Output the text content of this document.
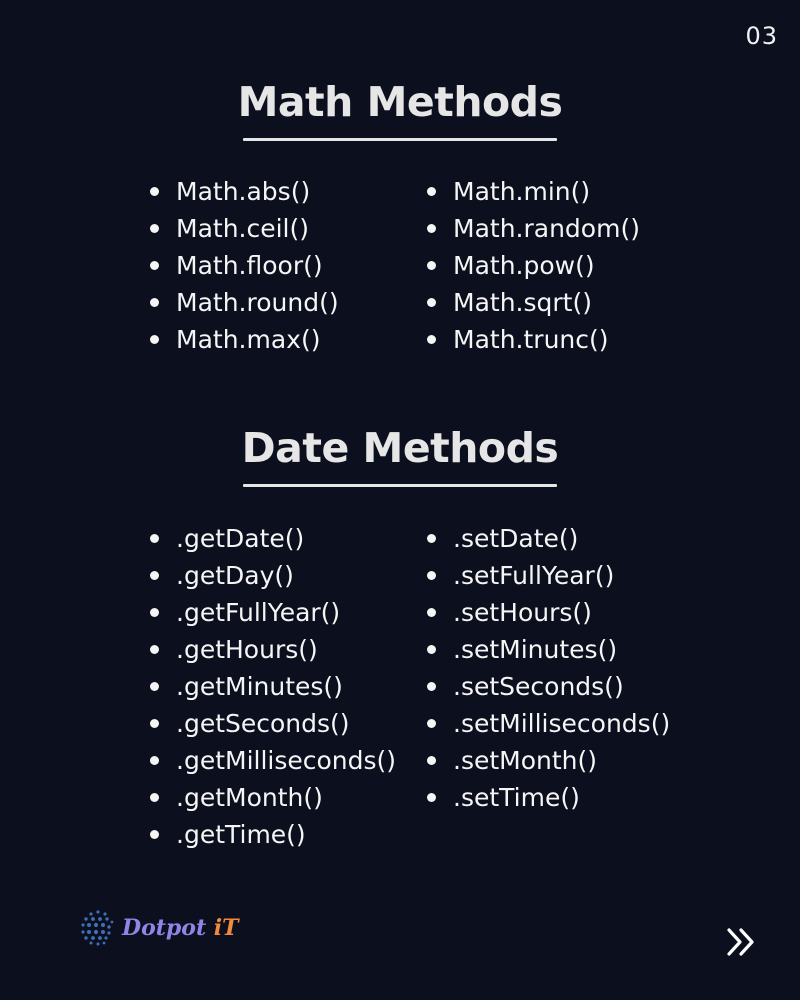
03
Math Methods
Math.abs()
Math.ceil()
Math.floor()
Math.round()
Math.max()
Math.min()
Math.random()
Math.pow()
Math.sqrt()
Math.trunc()
Date Methods
.getDate()
.getDay()
.getFullYear()
.getHours()
.getMinutes()
.getSeconds()
.getMilliseconds()
.getMonth()
.getTime()
.setDate()
.setFullYear()
.setHours()
.setMinutes()
.setSeconds()
.setMilliseconds()
.setMonth()
.setTime()
Dotpot iT
